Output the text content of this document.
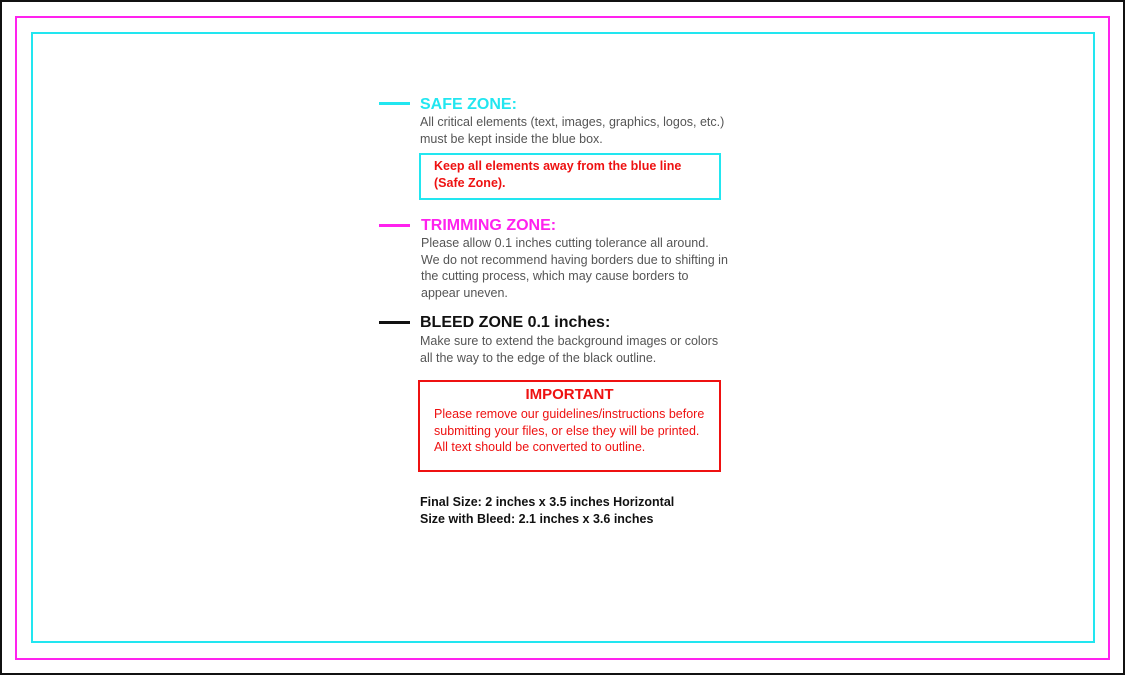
SAFE ZONE:
All critical elements (text, images, graphics, logos, etc.)
must be kept inside the blue box.
Keep all elements away from the blue line
(Safe Zone).
TRIMMING ZONE:
Please allow 0.1 inches cutting tolerance all around.
We do not recommend having borders due to shifting in
the cutting process, which may cause borders to
appear uneven.
BLEED ZONE 0.1 inches:
Make sure to extend the background images or colors
all the way to the edge of the black outline.
IMPORTANT
Please remove our guidelines/instructions before
submitting your files, or else they will be printed.
All text should be converted to outline.
Final Size: 2 inches x 3.5 inches Horizontal
Size with Bleed: 2.1 inches x 3.6 inches
